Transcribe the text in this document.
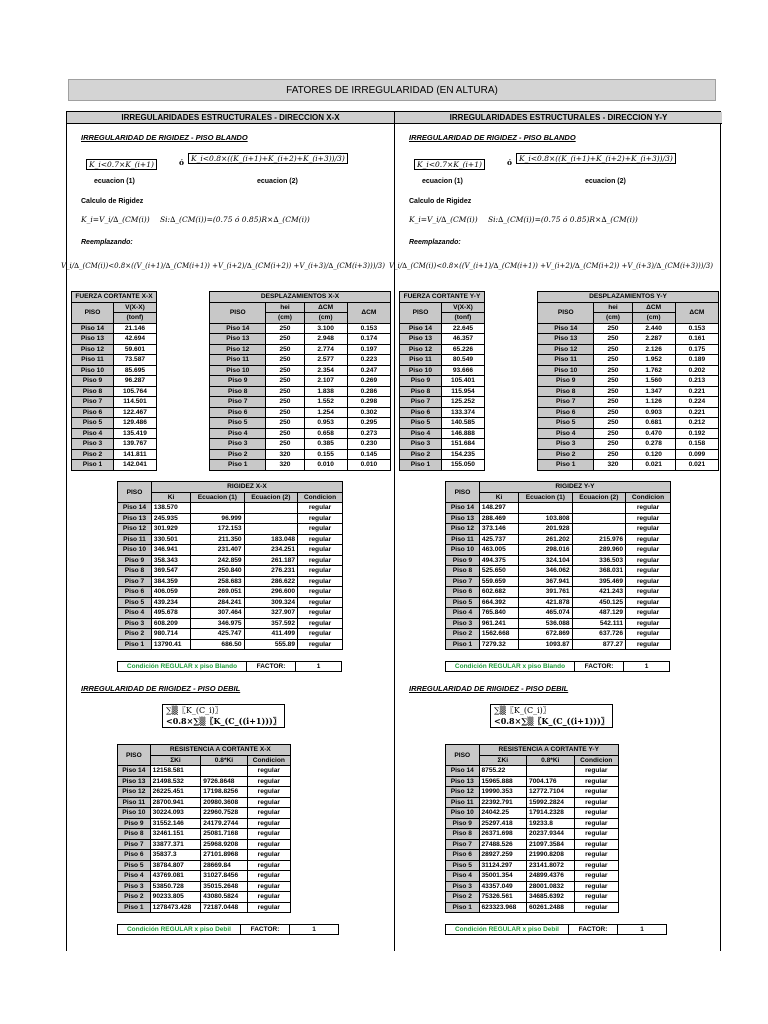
FATORES DE IRREGULARIDAD (EN ALTURA)
IRREGULARIDADES ESTRUCTURALES - DIRECCION X-X
IRREGULARIDAD DE RIGIDEZ - PISO BLANDO
K_i<0.7×K_(i+1)	ó K_i<0.8×((K_(i+1)+K_(i+2)+K_(i+3))/3)
ecuacion (1)	ecuacion (2)
Calculo de Rigidez
K_i=V_i/∆_(CM(i)) Si:∆_(CM(i))=(0.75 ó 0.85)R×∆_(CM(i))
Reemplazando:
V_i/∆_(CM(i))<0.8×((V_(i+1)/∆_(CM(i+1)) +V_(i+2)/∆_(CM(i+2)) +V_(i+3)/∆_(CM(i+3)))/3)
FUERZA CORTANTE X-X	
PISO	V(X-X)
	(tonf)
Piso 14	21.146
Piso 13	42.694
Piso 12	59.601
Piso 11	73.587
Piso 10	85.695
Piso 9	96.287
Piso 8	105.764
Piso 7	114.501
Piso 6	122.467
Piso 5	129.486
Piso 4	135.419
Piso 3	139.767
Piso 2	141.811
Piso 1	142.041
DESPLAZAMIENTOS X-X			
PISO	hei	ΔCM	ΔCM
	(cm)	(cm)	
Piso 14	250	3.100	0.153
Piso 13	250	2.948	0.174
Piso 12	250	2.774	0.197
Piso 11	250	2.577	0.223
Piso 10	250	2.354	0.247
Piso 9	250	2.107	0.269
Piso 8	250	1.838	0.286
Piso 7	250	1.552	0.298
Piso 6	250	1.254	0.302
Piso 5	250	0.953	0.295
Piso 4	250	0.658	0.273
Piso 3	250	0.385	0.230
Piso 2	320	0.155	0.145
Piso 1	320	0.010	0.010
PISO	RIGIDEZ X-X			
	Ki	Ecuacion (1)	Ecuacion (2)	Condicion
Piso 14	138.570			regular
Piso 13	245.935	96.999		regular
Piso 12	301.929	172.153		regular
Piso 11	330.501	211.350	183.048	regular
Piso 10	346.941	231.407	234.251	regular
Piso 9	358.343	242.859	261.187	regular
Piso 8	369.547	250.840	276.231	regular
Piso 7	384.359	258.683	286.622	regular
Piso 6	406.059	269.051	296.600	regular
Piso 5	439.234	284.241	309.324	regular
Piso 4	495.678	307.464	327.907	regular
Piso 3	608.209	346.975	357.592	regular
Piso 2	980.714	425.747	411.499	regular
Piso 1	13790.41	686.50	555.89	regular
Condición REGULAR x piso Blando	FACTOR:	1
IRREGULARIDAD DE RIIGIDEZ - PISO DEBIL
∑▒〖K_(C_i)〗
<0.8×∑▒〖K_(C_((i+1)))〗
PISO	RESISTENCIA A CORTANTE X-X		
	ΣKi	0.8*Ki	Condicion
Piso 14	12158.581		regular
Piso 13	21498.532	9726.8648	regular
Piso 12	26225.451	17198.8256	regular
Piso 11	28700.941	20980.3608	regular
Piso 10	30224.093	22960.7528	regular
Piso 9	31552.146	24179.2744	regular
Piso 8	32461.151	25081.7168	regular
Piso 7	33877.371	25968.9208	regular
Piso 6	35837.3	27101.8968	regular
Piso 5	38784.807	28669.84	regular
Piso 4	43769.081	31027.8456	regular
Piso 3	53850.728	35015.2648	regular
Piso 2	90233.805	43080.5824	regular
Piso 1	1278473.428	72187.0448	regular
Condición REGULAR x piso Debil	FACTOR:	1
IRREGULARIDADES ESTRUCTURALES - DIRECCION Y-Y
IRREGULARIDAD DE RIGIDEZ - PISO BLANDO
K_i<0.7×K_(i+1)	ó K_i<0.8×((K_(i+1)+K_(i+2)+K_(i+3))/3)
ecuacion (1)	ecuacion (2)
Calculo de Rigidez
K_i=V_i/∆_(CM(i)) Si:∆_(CM(i))=(0.75 ó 0.85)R×∆_(CM(i))
Reemplazando:
V_i/∆_(CM(i))<0.8×((V_(i+1)/∆_(CM(i+1)) +V_(i+2)/∆_(CM(i+2)) +V_(i+3)/∆_(CM(i+3)))/3)
FUERZA CORTANTE Y-Y	
PISO	V(X-X)
	(tonf)
Piso 14	22.645
Piso 13	46.357
Piso 12	65.226
Piso 11	80.549
Piso 10	93.666
Piso 9	105.401
Piso 8	115.954
Piso 7	125.252
Piso 6	133.374
Piso 5	140.585
Piso 4	146.888
Piso 3	151.684
Piso 2	154.235
Piso 1	155.050
DESPLAZAMIENTOS Y-Y			
PISO	hei	ΔCM	ΔCM
	(cm)	(cm)	
Piso 14	250	2.440	0.153
Piso 13	250	2.287	0.161
Piso 12	250	2.126	0.175
Piso 11	250	1.952	0.189
Piso 10	250	1.762	0.202
Piso 9	250	1.560	0.213
Piso 8	250	1.347	0.221
Piso 7	250	1.126	0.224
Piso 6	250	0.903	0.221
Piso 5	250	0.681	0.212
Piso 4	250	0.470	0.192
Piso 3	250	0.278	0.158
Piso 2	250	0.120	0.099
Piso 1	320	0.021	0.021
PISO	RIGIDEZ Y-Y			
	Ki	Ecuacion (1)	Ecuacion (2)	Condicion
Piso 14	148.297			regular
Piso 13	288.469	103.808		regular
Piso 12	373.146	201.928		regular
Piso 11	425.737	261.202	215.976	regular
Piso 10	463.005	298.016	289.960	regular
Piso 9	494.375	324.104	336.503	regular
Piso 8	525.650	346.062	368.031	regular
Piso 7	559.659	367.941	395.469	regular
Piso 6	602.682	391.761	421.243	regular
Piso 5	664.392	421.878	450.125	regular
Piso 4	765.840	465.074	487.129	regular
Piso 3	961.241	536.088	542.111	regular
Piso 2	1562.668	672.869	637.726	regular
Piso 1	7279.32	1093.87	877.27	regular
Condición REGULAR x piso Blando	FACTOR:	1
IRREGULARIDAD DE RIIGIDEZ - PISO DEBIL
∑▒〖K_(C_i)〗
<0.8×∑▒〖K_(C_((i+1)))〗
PISO	RESISTENCIA A CORTANTE Y-Y		
	ΣKi	0.8*Ki	Condicion
Piso 14	8755.22		regular
Piso 13	15965.888	7004.176	regular
Piso 12	19990.353	12772.7104	regular
Piso 11	22392.791	15992.2824	regular
Piso 10	24042.25	17914.2328	regular
Piso 9	25297.418	19233.8	regular
Piso 8	26371.698	20237.9344	regular
Piso 7	27488.526	21097.3584	regular
Piso 6	28927.259	21990.8208	regular
Piso 5	31124.297	23141.8072	regular
Piso 4	35001.354	24899.4376	regular
Piso 3	43357.049	28001.0832	regular
Piso 2	75326.561	34685.6392	regular
Piso 1	623323.968	60261.2488	regular
Condición REGULAR x piso Debil	FACTOR:	1
